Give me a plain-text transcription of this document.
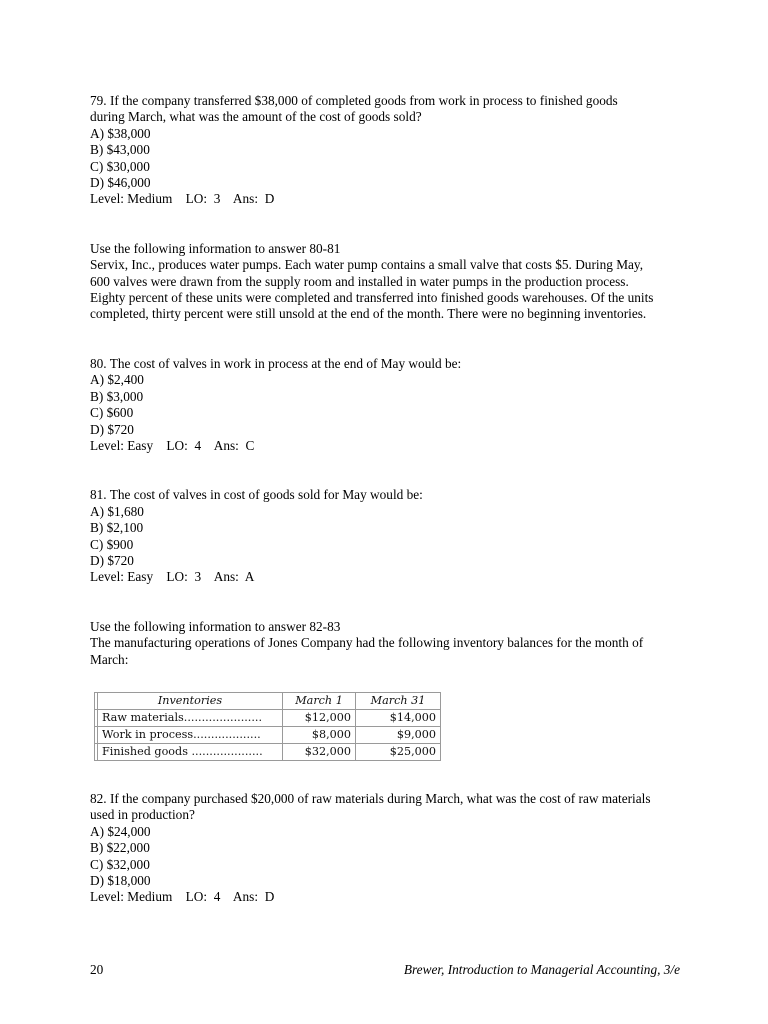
79. If the company transferred $38,000 of completed goods from work in process to finished goods

during March, what was the amount of the cost of goods sold?

A) $38,000

B) $43,000

C) $30,000

D) $46,000

Level: Medium    LO:  3    Ans:  D

Use the following information to answer 80-81

Servix, Inc., produces water pumps. Each water pump contains a small valve that costs $5. During May,

600 valves were drawn from the supply room and installed in water pumps in the production process.

Eighty percent of these units were completed and transferred into finished goods warehouses. Of the units

completed, thirty percent were still unsold at the end of the month. There were no beginning inventories.

80. The cost of valves in work in process at the end of May would be:

A) $2,400

B) $3,000

C) $600

D) $720

Level: Easy    LO:  4    Ans:  C

81. The cost of valves in cost of goods sold for May would be:

A) $1,680

B) $2,100

C) $900

D) $720

Level: Easy    LO:  3    Ans:  A

Use the following information to answer 82-83

The manufacturing operations of Jones Company had the following inventory balances for the month of

March:

	Inventories	March 1	March 31
	Raw materials......................	$12,000	$14,000
	Work in process...................	$8,000	$9,000
	Finished goods ....................	$32,000	$25,000

82. If the company purchased $20,000 of raw materials during March, what was the cost of raw materials

used in production?

A) $24,000

B) $22,000

C) $32,000

D) $18,000

Level: Medium    LO:  4    Ans:  D

20	Brewer, Introduction to Managerial Accounting, 3/e
